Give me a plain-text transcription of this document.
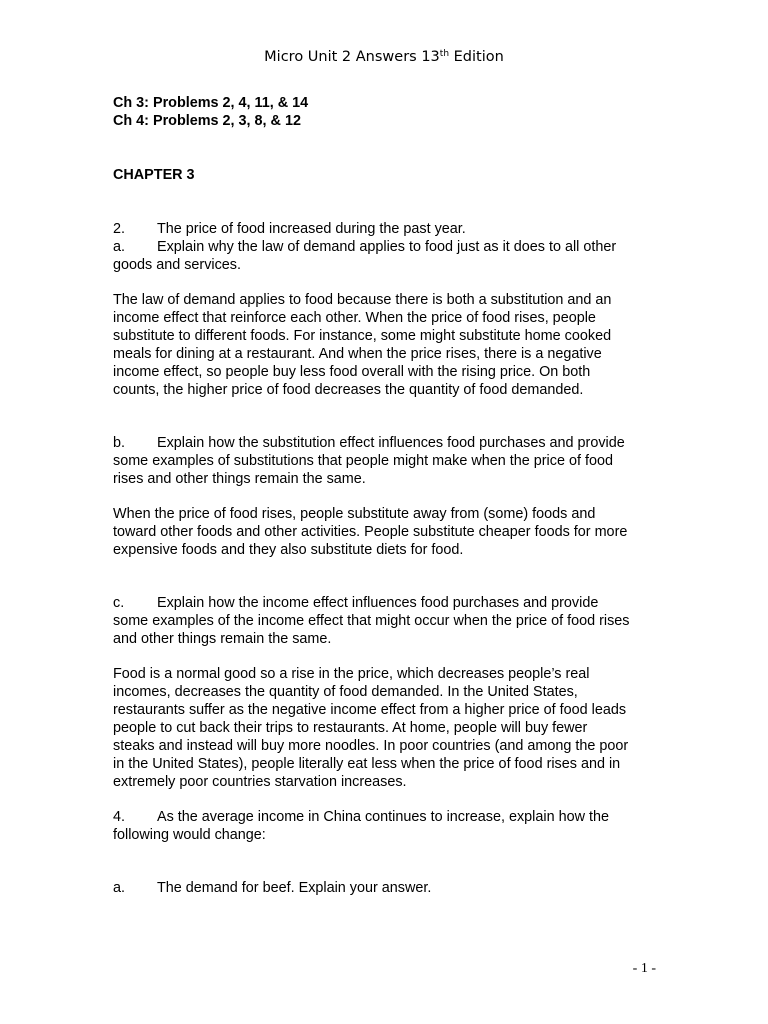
Micro Unit 2 Answers 13th Edition
Ch 3: Problems 2, 4, 11, & 14
Ch 4: Problems 2, 3, 8, & 12
CHAPTER 3
2. The price of food increased during the past year.
a. Explain why the law of demand applies to food just as it does to all other
goods and services.
The law of demand applies to food because there is both a substitution and an
income effect that reinforce each other. When the price of food rises, people
substitute to different foods. For instance, some might substitute home cooked
meals for dining at a restaurant. And when the price rises, there is a negative
income effect, so people buy less food overall with the rising price. On both
counts, the higher price of food decreases the quantity of food demanded.
b. Explain how the substitution effect influences food purchases and provide
some examples of substitutions that people might make when the price of food
rises and other things remain the same.
When the price of food rises, people substitute away from (some) foods and
toward other foods and other activities. People substitute cheaper foods for more
expensive foods and they also substitute diets for food.
c. Explain how the income effect influences food purchases and provide
some examples of the income effect that might occur when the price of food rises
and other things remain the same.
Food is a normal good so a rise in the price, which decreases people’s real
incomes, decreases the quantity of food demanded. In the United States,
restaurants suffer as the negative income effect from a higher price of food leads
people to cut back their trips to restaurants. At home, people will buy fewer
steaks and instead will buy more noodles. In poor countries (and among the poor
in the United States), people literally eat less when the price of food rises and in
extremely poor countries starvation increases.
4. As the average income in China continues to increase, explain how the
following would change:
a. The demand for beef. Explain your answer.
- 1 -
